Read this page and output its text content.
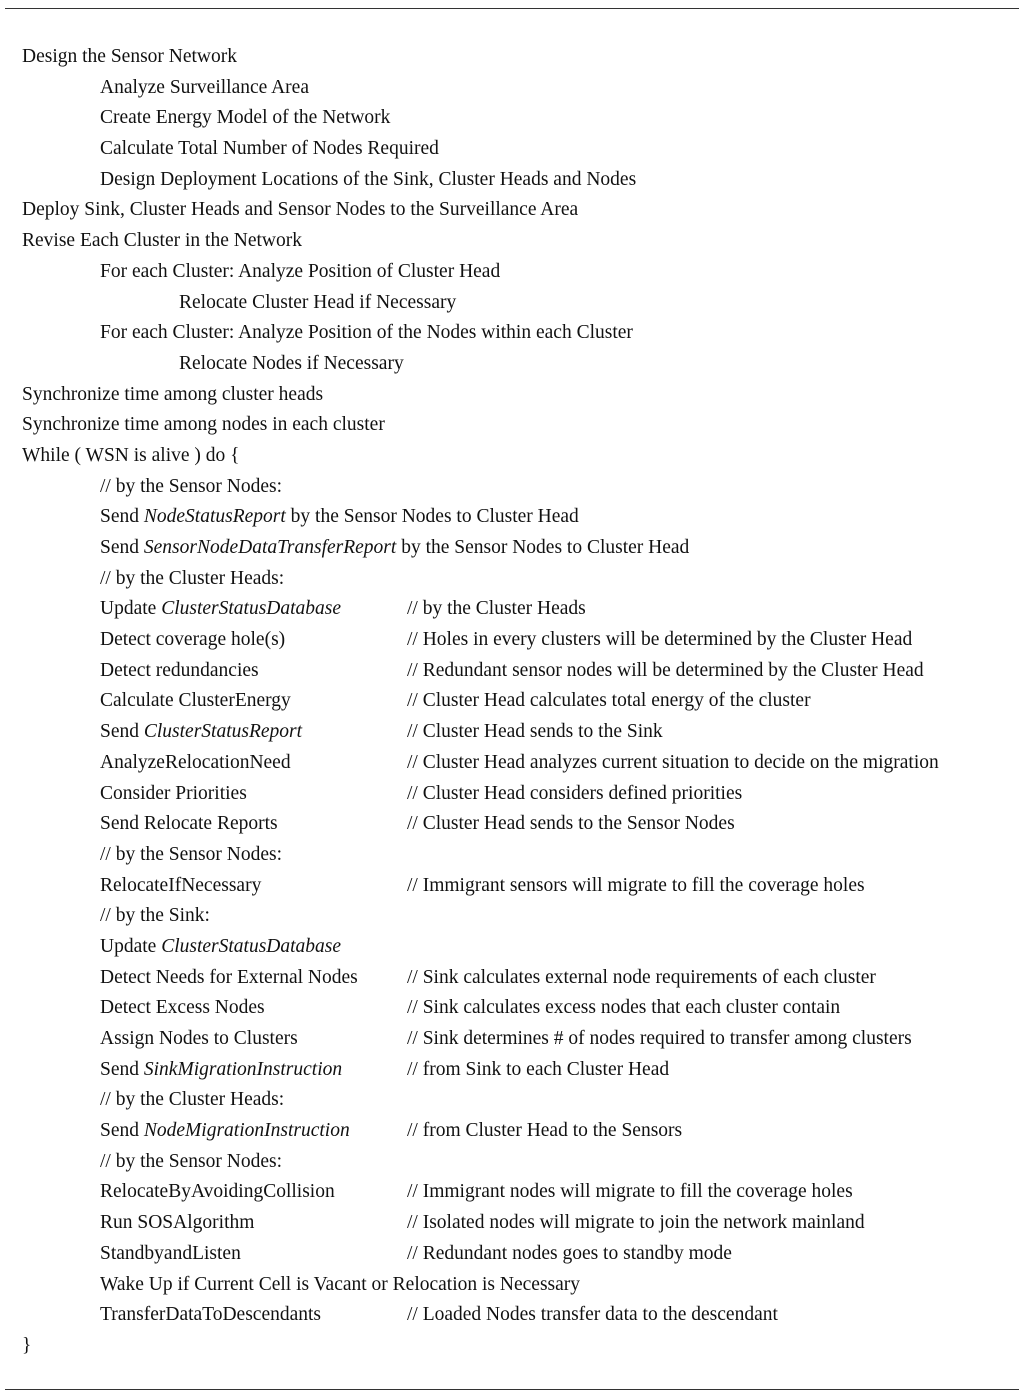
Design the Sensor Network
Analyze Surveillance Area
Create Energy Model of the Network
Calculate Total Number of Nodes Required
Design Deployment Locations of the Sink, Cluster Heads and Nodes
Deploy Sink, Cluster Heads and Sensor Nodes to the Surveillance Area
Revise Each Cluster in the Network
For each Cluster: Analyze Position of Cluster Head
Relocate Cluster Head if Necessary
For each Cluster: Analyze Position of the Nodes within each Cluster
Relocate Nodes if Necessary
Synchronize time among cluster heads
Synchronize time among nodes in each cluster
While ( WSN is alive ) do {
// by the Sensor Nodes:
Send NodeStatusReport by the Sensor Nodes to Cluster Head
Send SensorNodeDataTransferReport by the Sensor Nodes to Cluster Head
// by the Cluster Heads:
Update ClusterStatusDatabase	// by the Cluster Heads
Detect coverage hole(s)	// Holes in every clusters will be determined by the Cluster Head
Detect redundancies	// Redundant sensor nodes will be determined by the Cluster Head
Calculate ClusterEnergy	// Cluster Head calculates total energy of the cluster
Send ClusterStatusReport	// Cluster Head sends to the Sink
AnalyzeRelocationNeed	// Cluster Head analyzes current situation to decide on the migration
Consider Priorities	// Cluster Head considers defined priorities
Send Relocate Reports	// Cluster Head sends to the Sensor Nodes
// by the Sensor Nodes:
RelocateIfNecessary	// Immigrant sensors will migrate to fill the coverage holes
// by the Sink:
Update ClusterStatusDatabase
Detect Needs for External Nodes	// Sink calculates external node requirements of each cluster
Detect Excess Nodes	// Sink calculates excess nodes that each cluster contain
Assign Nodes to Clusters	// Sink determines # of nodes required to transfer among clusters
Send SinkMigrationInstruction	// from Sink to each Cluster Head
// by the Cluster Heads:
Send NodeMigrationInstruction	// from Cluster Head to the Sensors
// by the Sensor Nodes:
RelocateByAvoidingCollision	// Immigrant nodes will migrate to fill the coverage holes
Run SOSAlgorithm	// Isolated nodes will migrate to join the network mainland
StandbyandListen	// Redundant nodes goes to standby mode
Wake Up if Current Cell is Vacant or Relocation is Necessary
TransferDataToDescendants	// Loaded Nodes transfer data to the descendant
}
